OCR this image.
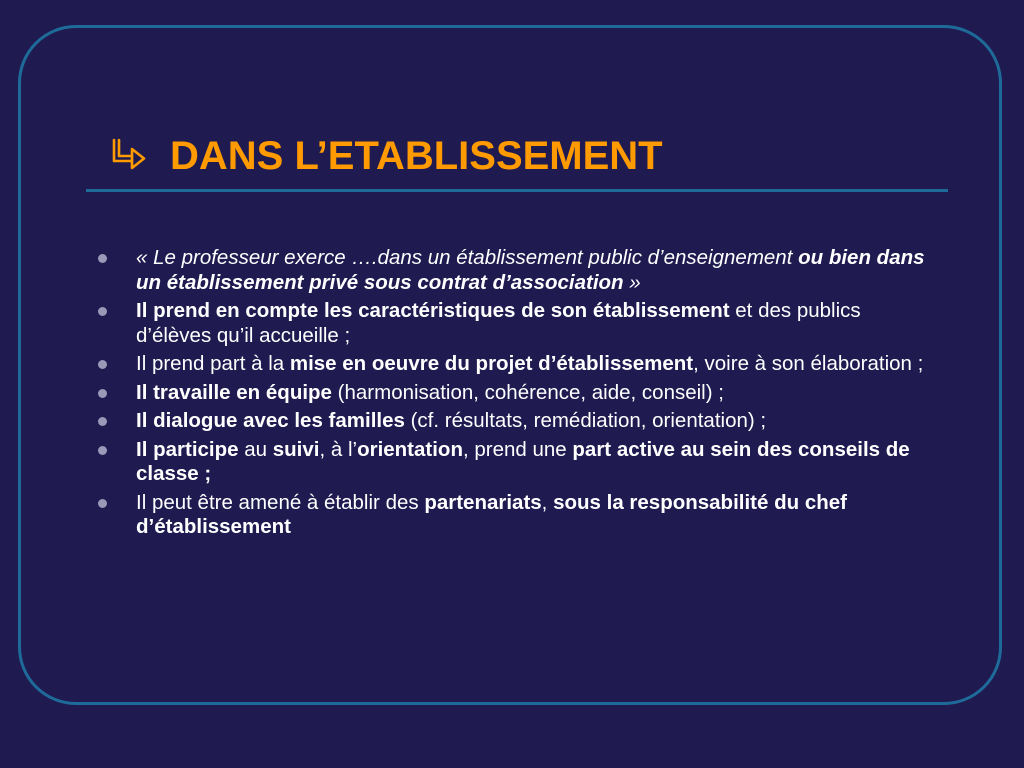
DANS L’ETABLISSEMENT
« Le professeur exerce ….dans un établissement public d’enseignement ou bien dans un établissement privé sous contrat d’association »
Il prend en compte les caractéristiques de son établissement et des publics d’élèves qu’il accueille ;
Il prend part à la mise en oeuvre du projet d’établissement, voire à son élaboration ;
Il travaille en équipe (harmonisation, cohérence, aide, conseil) ;
Il dialogue avec les familles (cf. résultats, remédiation, orientation) ;
Il participe au suivi, à l’orientation, prend une part active au sein des conseils de classe ;
Il peut être amené à établir des partenariats, sous la responsabilité du chef d’établissement
